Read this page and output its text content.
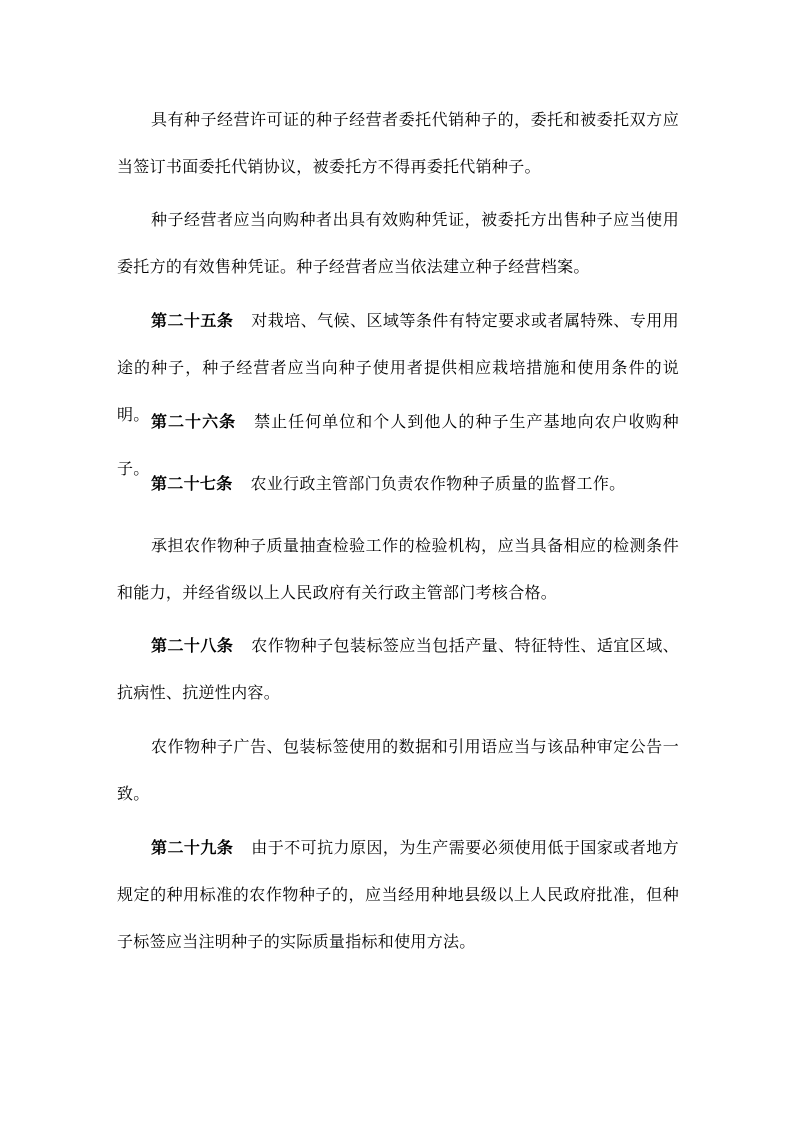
具有种子经营许可证的种子经营者委托代销种子的，委托和被委托双方应当签订书面委托代销协议，被委托方不得再委托代销种子。

种子经营者应当向购种者出具有效购种凭证，被委托方出售种子应当使用委托方的有效售种凭证。种子经营者应当依法建立种子经营档案。

第二十五条 对栽培、气候、区域等条件有特定要求或者属特殊、专用用途的种子，种子经营者应当向种子使用者提供相应栽培措施和使用条件的说明。 第二十六条 禁止任何单位和个人到他人的种子生产基地向农户收购种子。

第二十七条 农业行政主管部门负责农作物种子质量的监督工作。

承担农作物种子质量抽查检验工作的检验机构，应当具备相应的检测条件和能力，并经省级以上人民政府有关行政主管部门考核合格。

第二十八条 农作物种子包装标签应当包括产量、特征特性、适宜区域、抗病性、抗逆性内容。

农作物种子广告、包装标签使用的数据和引用语应当与该品种审定公告一致。

第二十九条 由于不可抗力原因，为生产需要必须使用低于国家或者地方规定的种用标准的农作物种子的，应当经用种地县级以上人民政府批准，但种子标签应当注明种子的实际质量指标和使用方法。
